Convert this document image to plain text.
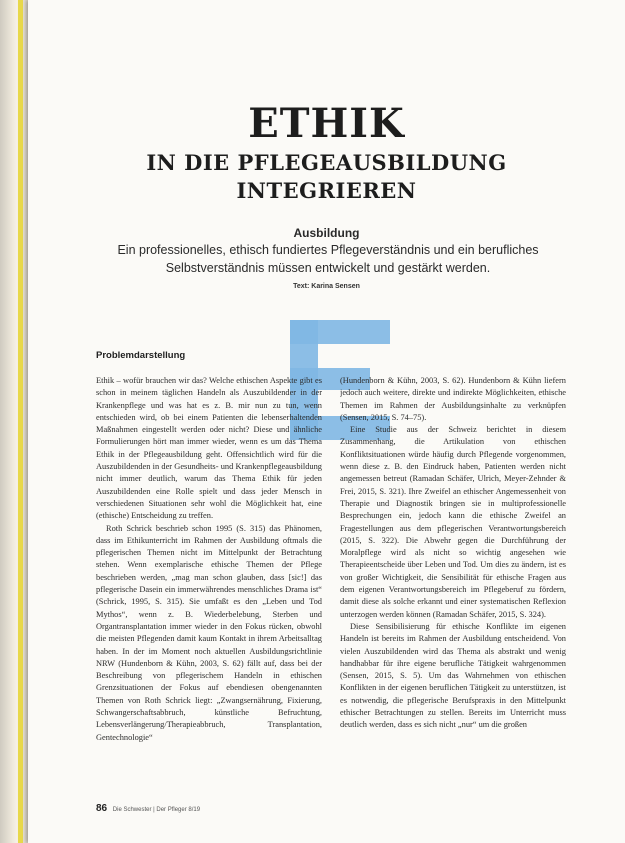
ETHIK
IN DIE PFLEGEAUSBILDUNG
INTEGRIEREN
Ausbildung
Ein professionelles, ethisch fundiertes Pflegeverständnis und ein berufliches Selbstverständnis müssen entwickelt und gestärkt werden.
Text: Karina Sensen
Problemdarstellung

Ethik – wofür brauchen wir das? Welche ethischen Aspekte gibt es schon in meinem täglichen Handeln als Auszubildender in der Krankenpflege und was hat es z. B. mir nun zu tun, wenn entschieden wird, ob bei einem Patienten die lebenserhaltenden Maßnahmen eingestellt werden oder nicht? Diese und ähnliche Formulierungen hört man immer wieder, wenn es um das Thema Ethik in der Pflegeausbildung geht. Offensichtlich wird für die Auszubildenden in der Gesundheits- und Krankenpflegeausbildung nicht immer deutlich, warum das Thema Ethik für jeden Auszubildenden eine Rolle spielt und dass jeder Mensch in verschiedenen Situationen sehr wohl die Möglichkeit hat, eine (ethische) Entscheidung zu treffen.

Roth Schrick beschrieb schon 1995 (S. 315) das Phänomen, dass im Ethikunterricht im Rahmen der Ausbildung oftmals die pflegerischen Themen nicht im Mittelpunkt der Betrachtung stehen. Wenn exemplarische ethische Themen der Pflege beschrieben werden, „mag man schon glauben, dass [sic!] das pflegerische Dasein ein immerwährendes menschliches Drama ist“ (Schrick, 1995, S. 315). Sie umfaßt es den „Leben und Tod Mythos“, wenn z. B. Wiederbelebung, Sterben und Organtransplantation immer wieder in den Fokus rücken, obwohl die meisten Pflegenden damit kaum Kontakt in ihrem Arbeitsalltag haben. In der im Moment noch aktuellen Ausbildungsrichtlinie NRW (Hundenborn & Kühn, 2003, S. 62) fällt auf, dass bei der Beschreibung von pflegerischem Handeln in ethischen Grenzsituationen der Fokus auf ebendiesen obengenannten Themen von Roth Schrick liegt: „Zwangsernährung, Fixierung, Schwangerschaftsabbruch, künstliche Befruchtung, Lebensverlängerung/Therapieabbruch, Transplantation, Gentechnologie“

(Hundenborn & Kühn, 2003, S. 62). Hundenborn & Kühn liefern jedoch auch weitere, direkte und indirekte Möglichkeiten, ethische Themen im Rahmen der Ausbildungsinhalte zu verknüpfen (Sensen, 2015, S. 74–75).

Eine Studie aus der Schweiz berichtet in diesem Zusammenhang, die Artikulation von ethischen Konfliktsituationen würde häufig durch Pflegende vorgenommen, wenn diese z. B. den Eindruck haben, Patienten werden nicht angemessen betreut (Ramadan Schäfer, Ulrich, Meyer-Zehnder & Frei, 2015, S. 321). Ihre Zweifel an ethischer Angemessenheit von Therapie und Diagnostik bringen sie in multiprofessionelle Besprechungen ein, jedoch kann die ethische Zweifel an Fragestellungen aus dem pflegerischen Verantwortungsbereich (2015, S. 322). Die Abwehr gegen die Durchführung der Moralpflege wird als nicht so wichtig angesehen wie Therapieentscheide über Leben und Tod. Um dies zu ändern, ist es von großer Wichtigkeit, die Sensibilität für ethische Fragen aus dem eigenen Verantwortungsbereich im Pflegeberuf zu fördern, damit diese als solche erkannt und einer systematischen Reflexion unterzogen werden können (Ramadan Schäfer, 2015, S. 324).

Diese Sensibilisierung für ethische Konflikte im eigenen Handeln ist bereits im Rahmen der Ausbildung entscheidend. Von vielen Auszubildenden wird das Thema als abstrakt und wenig handhabbar für ihre eigene berufliche Tätigkeit wahrgenommen (Sensen, 2015, S. 5). Um das Wahrnehmen von ethischen Konflikten in der eigenen beruflichen Tätigkeit zu unterstützen, ist es notwendig, die pflegerische Berufspraxis in den Mittelpunkt ethischer Betrachtungen zu stellen. Bereits im Unterricht muss deutlich werden, dass es sich nicht „nur“ um die großen

86 Die Schwester | Der Pfleger 8/19
